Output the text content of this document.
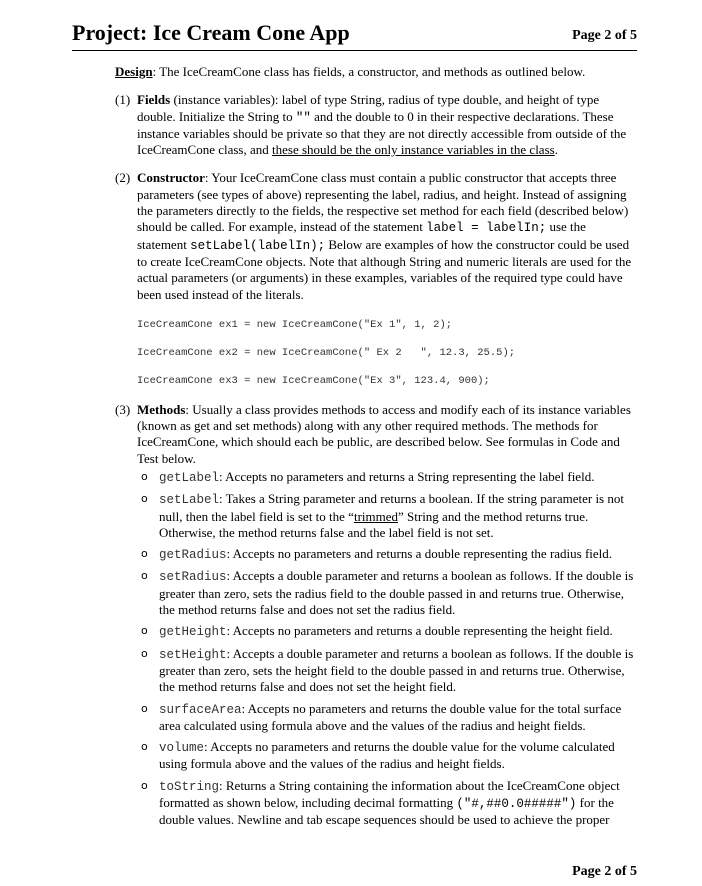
Project: Ice Cream Cone App	Page 2 of 5

Design: The IceCreamCone class has fields, a constructor, and methods as outlined below.

(1) Fields (instance variables): label of type String, radius of type double, and height of type double. Initialize the String to "" and the double to 0 in their respective declarations. These instance variables should be private so that they are not directly accessible from outside of the IceCreamCone class, and these should be the only instance variables in the class.

(2) Constructor: Your IceCreamCone class must contain a public constructor that accepts three parameters (see types of above) representing the label, radius, and height. Instead of assigning the parameters directly to the fields, the respective set method for each field (described below) should be called. For example, instead of the statement label = labelIn; use the statement setLabel(labelIn); Below are examples of how the constructor could be used to create IceCreamCone objects. Note that although String and numeric literals are used for the actual parameters (or arguments) in these examples, variables of the required type could have been used instead of the literals.

IceCreamCone ex1 = new IceCreamCone("Ex 1", 1, 2);
IceCreamCone ex2 = new IceCreamCone(" Ex 2   ", 12.3, 25.5);
IceCreamCone ex3 = new IceCreamCone("Ex 3", 123.4, 900);
(3) Methods: Usually a class provides methods to access and modify each of its instance variables (known as get and set methods) along with any other required methods. The methods for IceCreamCone, which should each be public, are described below. See formulas in Code and Test below.

o getLabel: Accepts no parameters and returns a String representing the label field.
o setLabel: Takes a String parameter and returns a boolean. If the string parameter is not null, then the label field is set to the “trimmed” String and the method returns true. Otherwise, the method returns false and the label field is not set.
o getRadius: Accepts no parameters and returns a double representing the radius field.
o setRadius: Accepts a double parameter and returns a boolean as follows. If the double is greater than zero, sets the radius field to the double passed in and returns true. Otherwise, the method returns false and does not set the radius field.
o getHeight: Accepts no parameters and returns a double representing the height field.
o setHeight: Accepts a double parameter and returns a boolean as follows. If the double is greater than zero, sets the height field to the double passed in and returns true. Otherwise, the method returns false and does not set the height field.
o surfaceArea: Accepts no parameters and returns the double value for the total surface area calculated using formula above and the values of the radius and height fields.
o volume: Accepts no parameters and returns the double value for the volume calculated using formula above and the values of the radius and height fields.
o toString: Returns a String containing the information about the IceCreamCone object formatted as shown below, including decimal formatting ("#,##0.0#####") for the double values. Newline and tab escape sequences should be used to achieve the proper
Page 2 of 5
